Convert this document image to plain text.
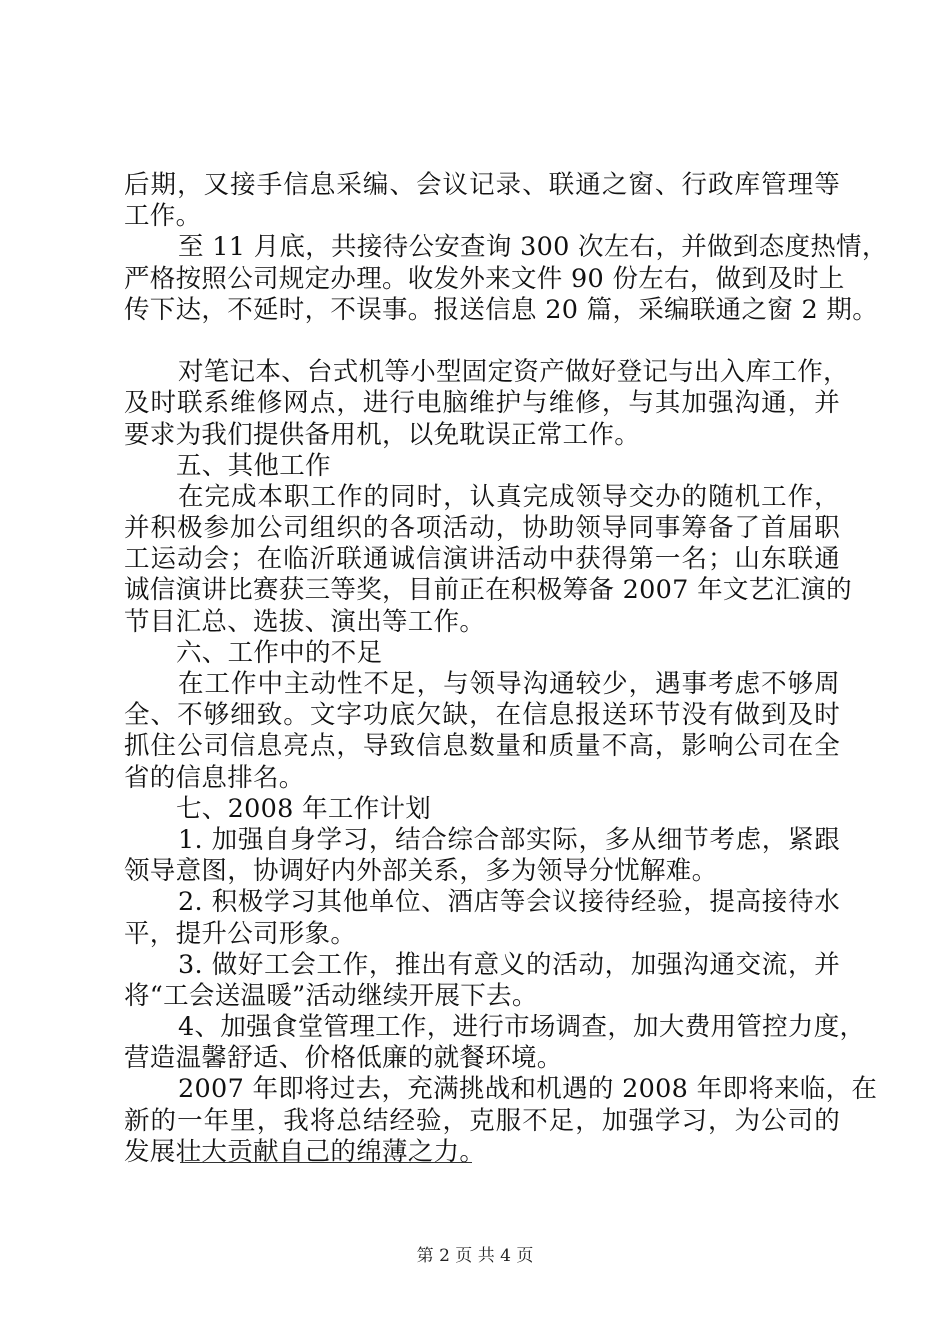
后期，又接手信息采编、会议记录、联通之窗、行政库管理等
工作。
至 11 月底，共接待公安查询 300 次左右，并做到态度热情，
严格按照公司规定办理。收发外来文件 90 份左右，做到及时上
传下达，不延时，不误事。报送信息 20 篇，采编联通之窗 2 期。
对笔记本、台式机等小型固定资产做好登记与出入库工作，
及时联系维修网点，进行电脑维护与维修，与其加强沟通，并
要求为我们提供备用机，以免耽误正常工作。
五、其他工作
在完成本职工作的同时，认真完成领导交办的随机工作，
并积极参加公司组织的各项活动，协助领导同事筹备了首届职
工运动会；在临沂联通诚信演讲活动中获得第一名；山东联通
诚信演讲比赛获三等奖，目前正在积极筹备 2007 年文艺汇演的
节目汇总、选拔、演出等工作。
六、工作中的不足
在工作中主动性不足，与领导沟通较少，遇事考虑不够周
全、不够细致。文字功底欠缺，在信息报送环节没有做到及时
抓住公司信息亮点，导致信息数量和质量不高，影响公司在全
省的信息排名。
七、2008 年工作计划
1. 加强自身学习，结合综合部实际，多从细节考虑，紧跟
领导意图，协调好内外部关系，多为领导分忧解难。
2. 积极学习其他单位、酒店等会议接待经验，提高接待水
平，提升公司形象。
3. 做好工会工作，推出有意义的活动，加强沟通交流，并
将“工会送温暖”活动继续开展下去。
4、加强食堂管理工作，进行市场调查，加大费用管控力度，
营造温馨舒适、价格低廉的就餐环境。
2007 年即将过去，充满挑战和机遇的 2008 年即将来临，在
新的一年里，我将总结经验，克服不足，加强学习，为公司的
发展壮大贡献自己的绵薄之力。
第 2 页 共 4 页
